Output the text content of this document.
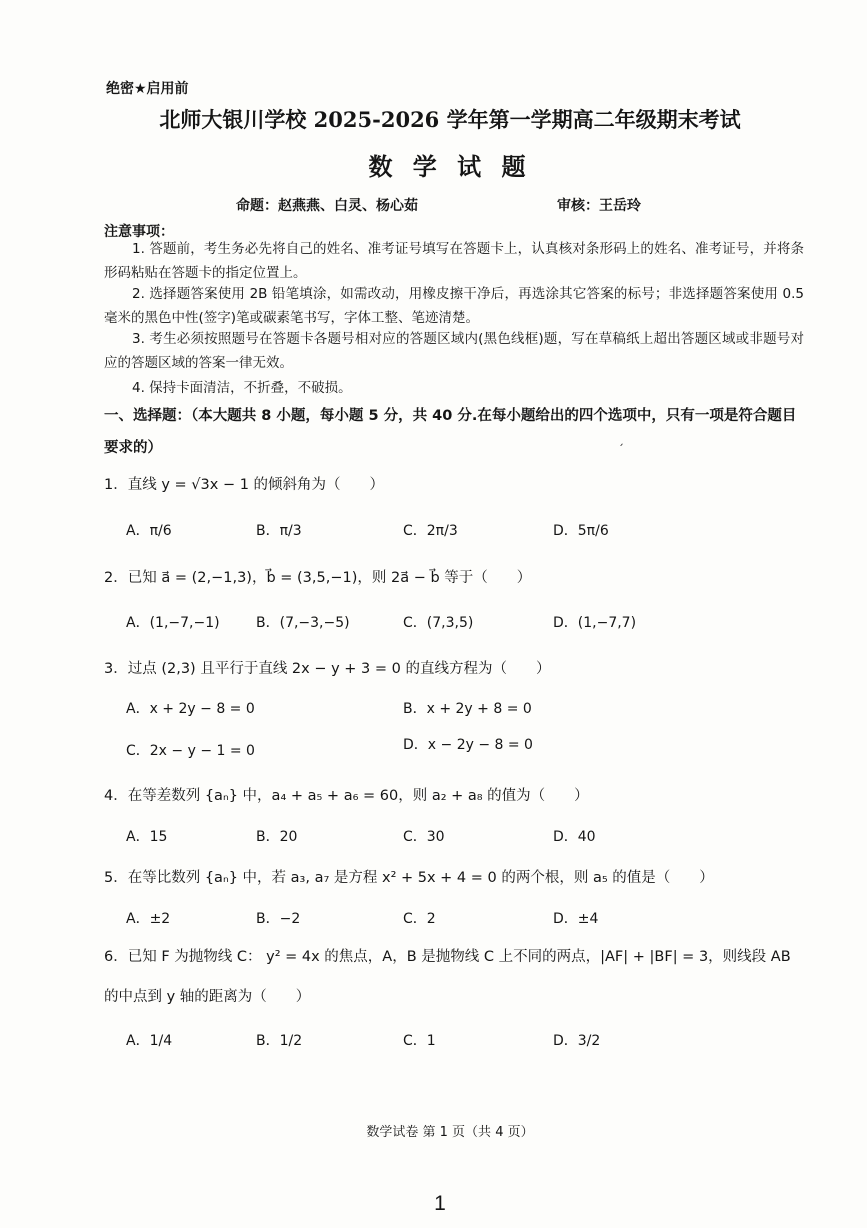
绝密★启用前
北师大银川学校 2025-2026 学年第一学期高二年级期末考试
数 学 试 题
命题：赵燕燕、白灵、杨心茹	审核：王岳玲
注意事项：
1. 答题前，考生务必先将自己的姓名、准考证号填写在答题卡上，认真核对条形码上的姓名、准考证号，并将条形码粘贴在答题卡的指定位置上。
2. 选择题答案使用 2B 铅笔填涂，如需改动，用橡皮擦干净后，再选涂其它答案的标号；非选择题答案使用 0.5 毫米的黑色中性(签字)笔或碳素笔书写，字体工整、笔迹清楚。
3. 考生必须按照题号在答题卡各题号相对应的答题区域内(黑色线框)题，写在草稿纸上超出答题区域或非题号对应的答题区域的答案一律无效。
4. 保持卡面清洁，不折叠，不破损。
一、选择题：（本大题共 8 小题，每小题 5 分，共 40 分.在每小题给出的四个选项中，只有一项是符合题目要求的）
1．直线 y = √3x − 1 的倾斜角为（　　）
A．π/6	B．π/3	C．2π/3	D．5π/6
2．已知 a⃗ = (2,−1,3)，b⃗ = (3,5,−1)，则 2a⃗ − b⃗ 等于（　　）
A．(1,−7,−1)	B．(7,−3,−5)	C．(7,3,5)	D．(1,−7,7)
3．过点 (2,3) 且平行于直线 2x − y + 3 = 0 的直线方程为（　　）
A．x + 2y − 8 = 0	B．x + 2y + 8 = 0
C．2x − y − 1 = 0	D．x − 2y − 8 = 0
4．在等差数列 {aₙ} 中，a₄ + a₅ + a₆ = 60，则 a₂ + a₈ 的值为（　　）
A．15	B．20	C．30	D．40
5．在等比数列 {aₙ} 中，若 a₃, a₇ 是方程 x² + 5x + 4 = 0 的两个根，则 a₅ 的值是（　　）
A．±2	B．−2	C．2	D．±4
6．已知 F 为抛物线 C： y² = 4x 的焦点，A，B 是抛物线 C 上不同的两点，|AF| + |BF| = 3，则线段 AB 的中点到 y 轴的距离为（　　）
A．1/4	B．1/2	C．1	D．3/2
ˏ
数学试卷 第 1 页（共 4 页）
1
